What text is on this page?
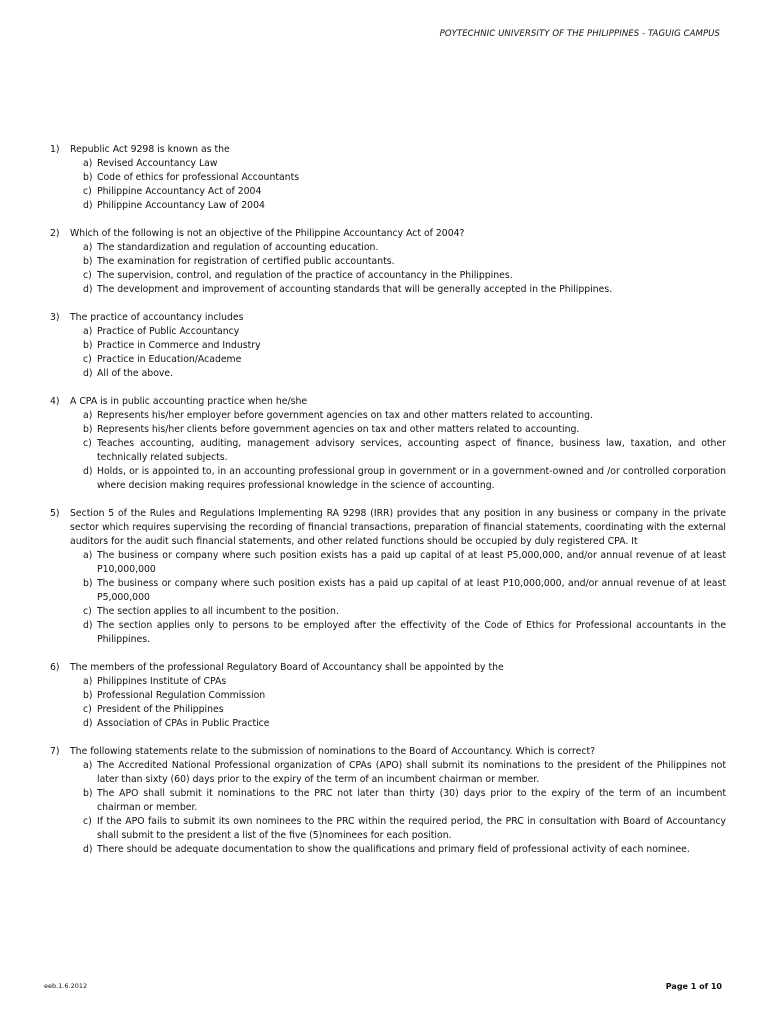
POYTECHNIC UNIVERSITY OF THE PHILIPPINES - TAGUIG CAMPUS
1)	Republic Act 9298 is known as the
a) Revised Accountancy Law
b) Code of ethics for professional Accountants
c) Philippine Accountancy Act of 2004
d) Philippine Accountancy Law of 2004
2)	Which of the following is not an objective of the Philippine Accountancy Act of 2004?
a) The standardization and regulation of accounting education.
b) The examination for registration of certified public accountants.
c) The supervision, control, and regulation of the practice of accountancy in the Philippines.
d) The development and improvement of accounting standards that will be generally accepted in the Philippines.
3)	The practice of accountancy includes
a) Practice of Public Accountancy
b) Practice in Commerce and Industry
c) Practice in Education/Academe
d) All of the above.
4)	A CPA is in public accounting practice when he/she
a) Represents his/her employer before government agencies on tax and other matters related to accounting.
b) Represents his/her clients before government agencies on tax and other matters related to accounting.
c) Teaches accounting, auditing, management advisory services, accounting aspect of finance, business law, taxation, and other technically related subjects.
d) Holds, or is appointed to, in an accounting professional group in government or in a government-owned and /or controlled corporation where decision making requires professional knowledge in the science of accounting.
5)	Section 5 of the Rules and Regulations Implementing RA 9298 (IRR) provides that any position in any business or company in the private sector which requires supervising the recording of financial transactions, preparation of financial statements, coordinating with the external auditors for the audit such financial statements, and other related functions should be occupied by duly registered CPA. It
a) The business or company where such position exists has a paid up capital of at least P5,000,000, and/or annual revenue of at least P10,000,000
b) The business or company where such position exists has a paid up capital of at least P10,000,000, and/or annual revenue of at least P5,000,000
c) The section applies to all incumbent to the position.
d) The section applies only to persons to be employed after the effectivity of the Code of Ethics for Professional accountants in the Philippines.
6)	The members of the professional Regulatory Board of Accountancy shall be appointed by the
a) Philippines Institute of CPAs
b) Professional Regulation Commission
c) President of the Philippines
d) Association of CPAs in Public Practice
7)	The following statements relate to the submission of nominations to the Board of Accountancy. Which is correct?
a) The Accredited National Professional organization of CPAs (APO) shall submit its nominations to the president of the Philippines not later than sixty (60) days prior to the expiry of the term of an incumbent chairman or member.
b) The APO shall submit it nominations to the PRC not later than thirty (30) days prior to the expiry of the term of an incumbent chairman or member.
c) If the APO fails to submit its own nominees to the PRC within the required period, the PRC in consultation with Board of Accountancy shall submit to the president a list of the five (5)nominees for each position.
d) There should be adequate documentation to show the qualifications and primary field of professional activity of each nominee.
eeb.1.6.2012	Page 1 of 10
